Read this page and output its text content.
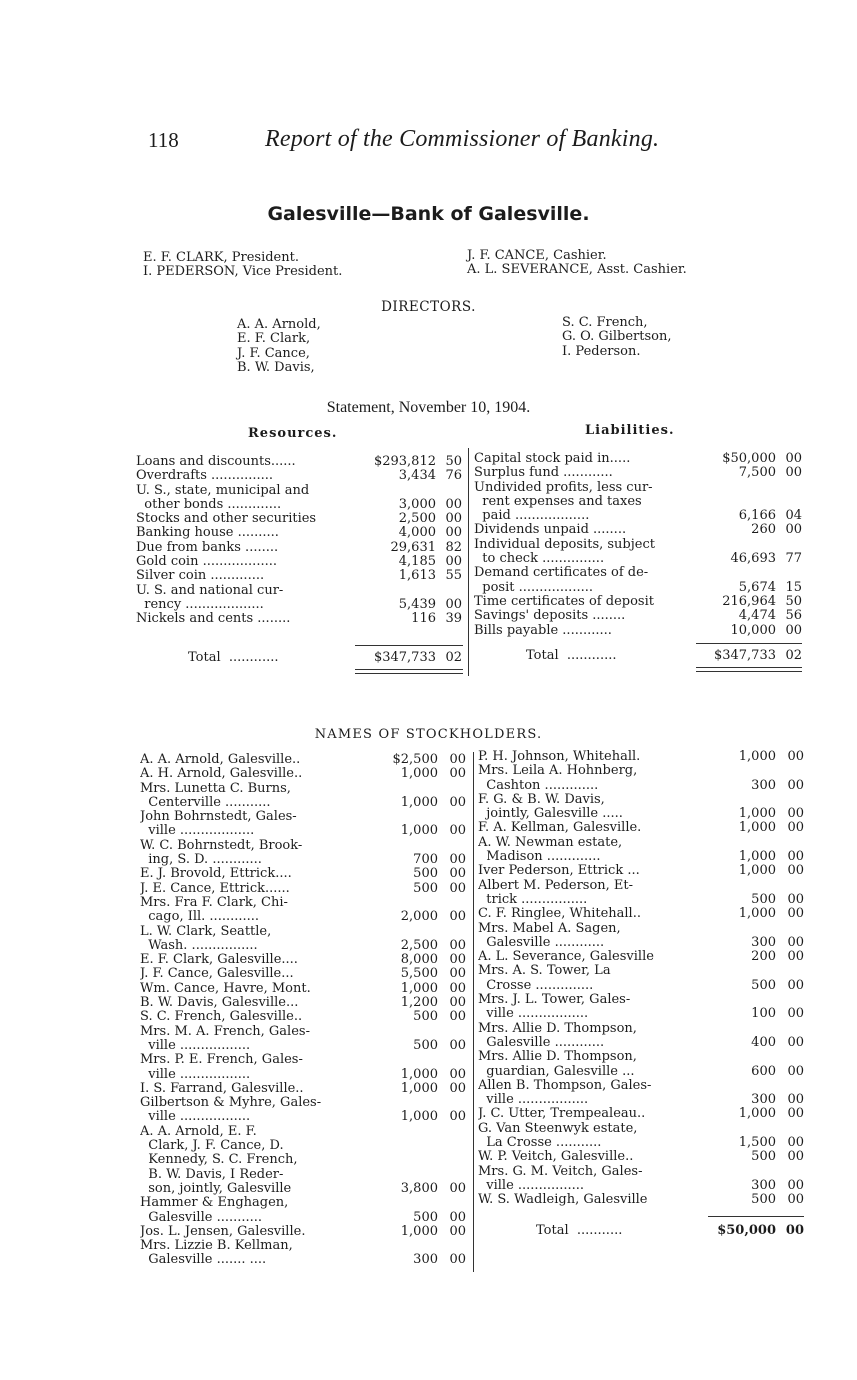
118	Report of the Commissioner of Banking.
Galesville—Bank of Galesville.
E. F. CLARK, President.
I. PEDERSON, Vice President.
J. F. CANCE, Cashier.
A. L. SEVERANCE, Asst. Cashier.
DIRECTORS.
A. A. Arnold,
E. F. Clark,
J. F. Cance,
B. W. Davis,
S. C. French,
G. O. Gilbertson,
I. Pederson.
Statement, November 10, 1904.
Resources.	Liabilities.
Loans and discounts......	$293,812 50
Overdrafts ...............	3,434 76
U. S., state, municipal and
other bonds .............	3,000 00
Stocks and other securities	2,500 00
Banking house ..........	4,000 00
Due from banks ........	29,631 82
Gold coin ..................	4,185 00
Silver coin .............	1,613 55
U. S. and national cur-
rency ...................	5,439 00
Nickels and cents ........	116 39
Capital stock paid in.....	$50,000 00
Surplus fund ............	7,500 00
Undivided profits, less cur-
rent expenses and taxes
paid ..................	6,166 04
Dividends unpaid ........	260 00
Individual deposits, subject
to check ...............	46,693 77
Demand certificates of de-
posit ..................	5,674 15
Time certificates of deposit	216,964 50
Savings' deposits ........	4,474 56
Bills payable ............	10,000 00
Total  ............	$347,733 02	Total  ............	$347,733 02
NAMES OF STOCKHOLDERS.
A. A. Arnold, Galesville..	$2,500 00
A. H. Arnold, Galesville..	1,000 00
Mrs. Lunetta C. Burns,
Centerville ...........	1,000 00
John Bohrnstedt, Gales-
ville ..................	1,000 00
W. C. Bohrnstedt, Brook-
ing, S. D. ............	700 00
E. J. Brovold, Ettrick....	500 00
J. E. Cance, Ettrick......	500 00
Mrs. Fra F. Clark, Chi-
cago, Ill. ............	2,000 00
L. W. Clark, Seattle,
Wash. ................	2,500 00
E. F. Clark, Galesville....	8,000 00
J. F. Cance, Galesville...	5,500 00
Wm. Cance, Havre, Mont.	1,000 00
B. W. Davis, Galesville...	1,200 00
S. C. French, Galesville..	500 00
Mrs. M. A. French, Gales-
ville .................	500 00
Mrs. P. E. French, Gales-
ville .................	1,000 00
I. S. Farrand, Galesville..	1,000 00
Gilbertson & Myhre, Gales-
ville .................	1,000 00
A. A. Arnold, E. F.
Clark, J. F. Cance, D.
Kennedy, S. C. French,
B. W. Davis, I Reder-
son, jointly, Galesville	3,800 00
Hammer & Enghagen,
Galesville ...........	500 00
Jos. L. Jensen, Galesville.	1,000 00
Mrs. Lizzie B. Kellman,
Galesville ....... ....	300 00
P. H. Johnson, Whitehall.	1,000 00
Mrs. Leila A. Hohnberg,
Cashton .............	300 00
F. G. & B. W. Davis,
jointly, Galesville .....	1,000 00
F. A. Kellman, Galesville.	1,000 00
A. W. Newman estate,
Madison .............	1,000 00
Iver Pederson, Ettrick ...	1,000 00
Albert M. Pederson, Et-
trick ................	500 00
C. F. Ringlee, Whitehall..	1,000 00
Mrs. Mabel A. Sagen,
Galesville ............	300 00
A. L. Severance, Galesville	200 00
Mrs. A. S. Tower, La
Crosse ..............	500 00
Mrs. J. L. Tower, Gales-
ville .................	100 00
Mrs. Allie D. Thompson,
Galesville ............	400 00
Mrs. Allie D. Thompson,
guardian, Galesville ...	600 00
Allen B. Thompson, Gales-
ville .................	300 00
J. C. Utter, Trempealeau..	1,000 00
G. Van Steenwyk estate,
La Crosse ...........	1,500 00
W. P. Veitch, Galesville..	500 00
Mrs. G. M. Veitch, Gales-
ville ................	300 00
W. S. Wadleigh, Galesville	500 00
Total  ...........	$50,000 00
